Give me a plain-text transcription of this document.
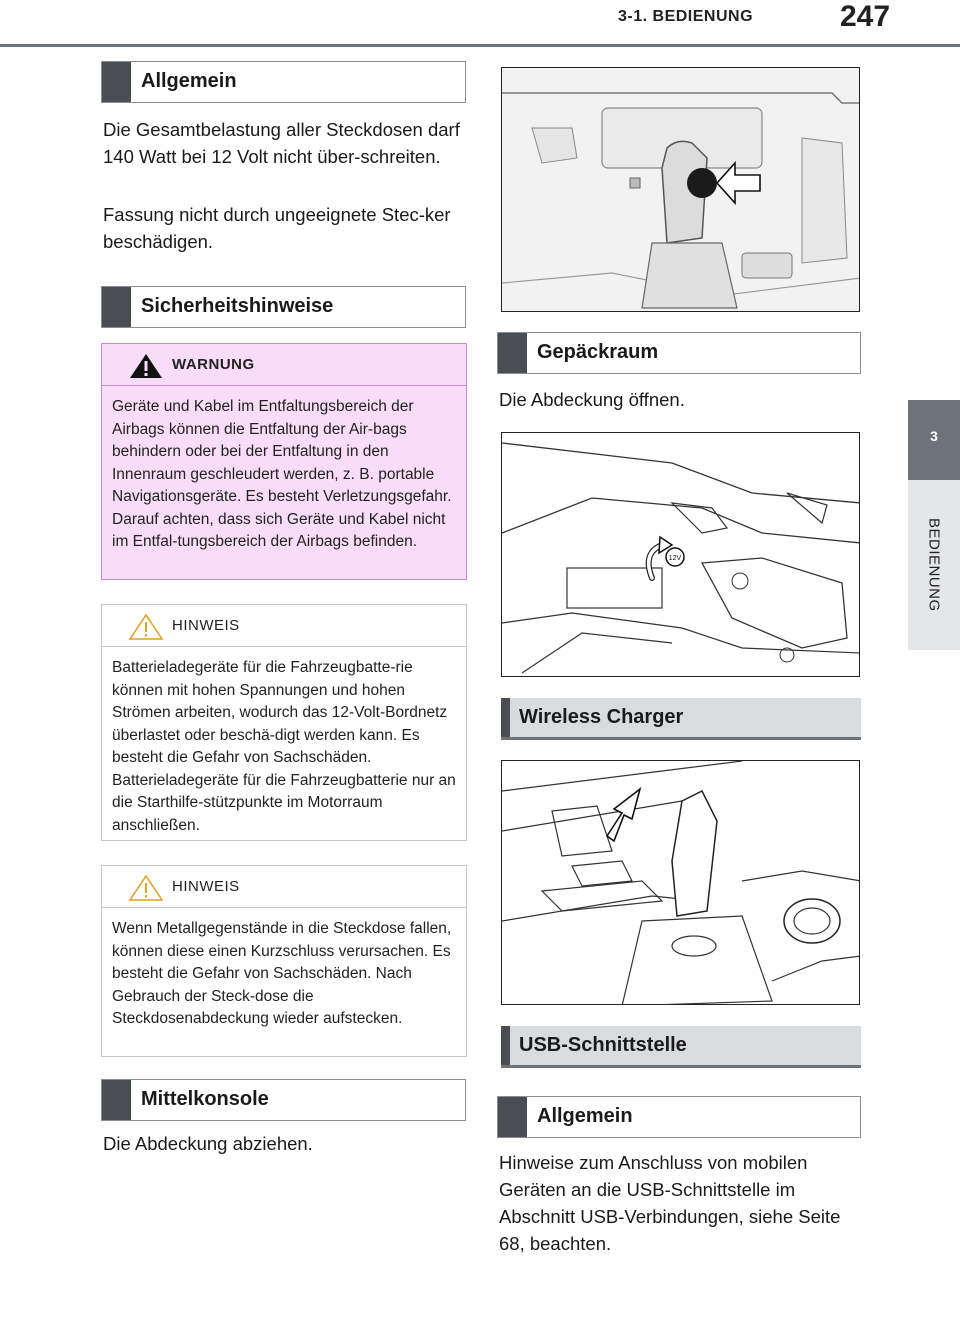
3-1. BEDIENUNG	247
3
BEDIENUNG
Allgemein
Die Gesamtbelastung aller Steckdosen darf 140 Watt bei 12 Volt nicht über-schreiten.
Fassung nicht durch ungeeignete Stec-ker beschädigen.
Sicherheitshinweise
WARNUNG
Geräte und Kabel im Entfaltungsbereich der Airbags können die Entfaltung der Air-bags behindern oder bei der Entfaltung in den Innenraum geschleudert werden, z. B. portable Navigationsgeräte. Es besteht Verletzungsgefahr. Darauf achten, dass sich Geräte und Kabel nicht im Entfal-tungsbereich der Airbags befinden.
HINWEIS
Batterieladegeräte für die Fahrzeugbatte-rie können mit hohen Spannungen und hohen Strömen arbeiten, wodurch das 12-Volt-Bordnetz überlastet oder beschä-digt werden kann. Es besteht die Gefahr von Sachschäden. Batterieladegeräte für die Fahrzeugbatterie nur an die Starthilfe-stützpunkte im Motorraum anschließen.
HINWEIS
Wenn Metallgegenstände in die Steckdose fallen, können diese einen Kurzschluss verursachen. Es besteht die Gefahr von Sachschäden. Nach Gebrauch der Steck-dose die Steckdosenabdeckung wieder aufstecken.
Mittelkonsole
Die Abdeckung abziehen.
Gepäckraum
Die Abdeckung öffnen.
12V
Wireless Charger
USB-Schnittstelle
Allgemein
Hinweise zum Anschluss von mobilen Geräten an die USB-Schnittstelle im Abschnitt USB-Verbindungen, siehe Seite 68, beachten.
